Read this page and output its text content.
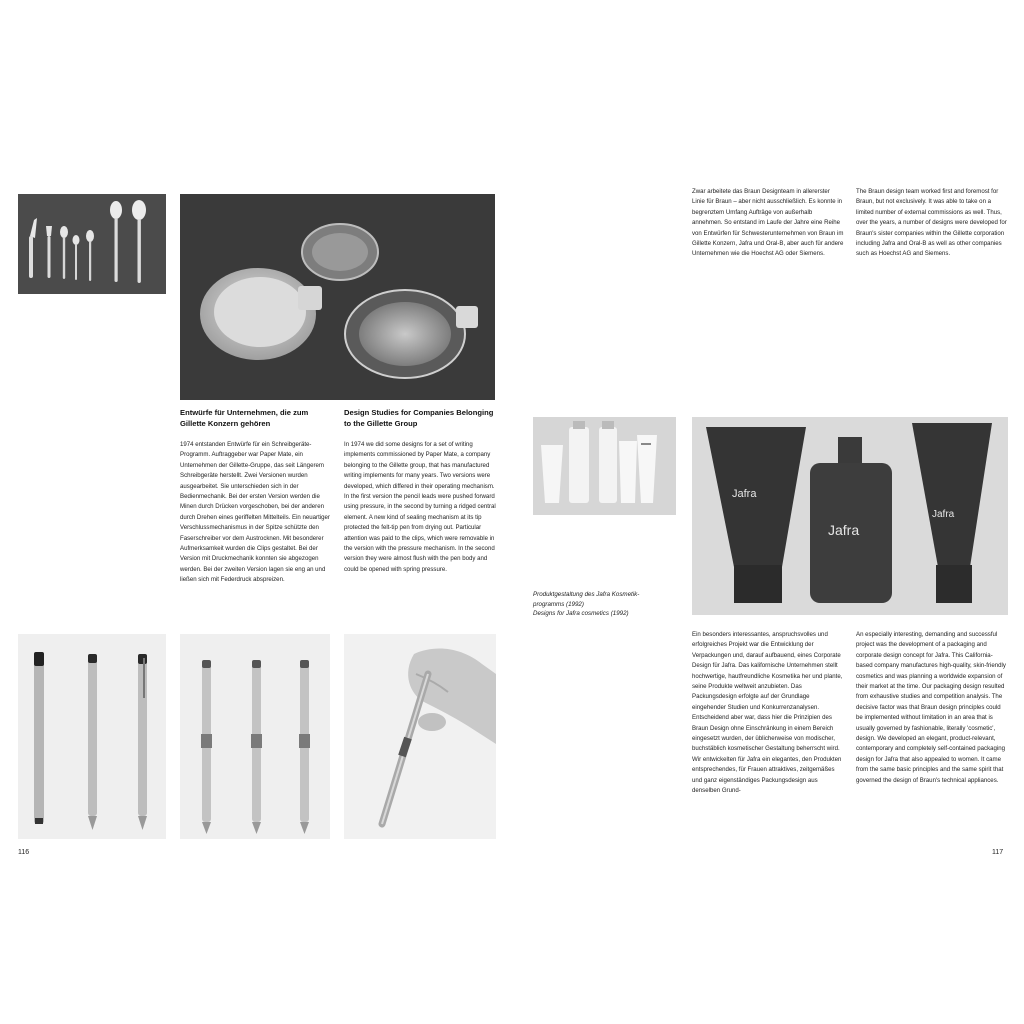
Entwürfe für Unternehmen, die zum Gillette Konzern gehören
Design Studies for Companies Belonging to the Gillette Group
1974 entstanden Entwürfe für ein Schreibgeräte-Programm. Auftraggeber war Paper Mate, ein Unternehmen der Gillette-Gruppe, das seit Längerem Schreibgeräte herstellt. Zwei Versionen wurden ausgearbeitet. Sie unterschieden sich in der Bedienmechanik. Bei der ersten Version werden die Minen durch Drücken vorgeschoben, bei der anderen durch Drehen eines geriffelten Mittelteils. Ein neuartiger Verschlussmechanismus in der Spitze schützte den Faserschreiber vor dem Austrocknen. Mit besonderer Aufmerksamkeit wurden die Clips gestaltet. Bei der Version mit Druckmechanik konnten sie abgezogen werden. Bei der zweiten Version lagen sie eng an und ließen sich mit Federdruck abspreizen.
In 1974 we did some designs for a set of writing implements commissioned by Paper Mate, a company belonging to the Gillette group, that has manufactured writing implements for many years. Two versions were developed, which differed in their operating mechanism. In the first version the pencil leads were pushed forward using pressure, in the second by turning a ridged central element. A new kind of sealing mechanism at its tip protected the felt-tip pen from drying out. Particular attention was paid to the clips, which were removable in the version with the pressure mechanism. In the second version they were almost flush with the pen body and could be opened with spring pressure.
116
Zwar arbeitete das Braun Designteam in allererster Linie für Braun – aber nicht ausschließlich. Es konnte in begrenztem Umfang Aufträge von außerhalb annehmen. So entstand im Laufe der Jahre eine Reihe von Entwürfen für Schwesterunternehmen von Braun im Gillette Konzern, Jafra und Oral-B, aber auch für andere Unternehmen wie die Hoechst AG oder Siemens.
The Braun design team worked first and foremost for Braun, but not exclusively. It was able to take on a limited number of external commissions as well. Thus, over the years, a number of designs were developed for Braun's sister companies within the Gillette corporation including Jafra and Oral-B as well as other companies such as Hoechst AG and Siemens.
Produktgestaltung des Jafra Kosmetik-
programms (1992)
Designs for Jafra cosmetics (1992)
Jafra
Jafra
Jafra
Ein besonders interessantes, anspruchsvolles und erfolgreiches Projekt war die Entwicklung der Verpackungen und, darauf aufbauend, eines Corporate Design für Jafra. Das kalifornische Unternehmen stellt hochwertige, hautfreundliche Kosmetika her und plante, seine Produkte weltweit anzubieten. Das Packungsdesign erfolgte auf der Grundlage eingehender Studien und Konkurrenzanalysen. Entscheidend aber war, dass hier die Prinzipien des Braun Design ohne Einschränkung in einem Bereich eingesetzt wurden, der üblicherweise von modischer, buchstäblich kosmetischer Gestaltung beherrscht wird. Wir entwickelten für Jafra ein elegantes, den Produkten entsprechendes, für Frauen attraktives, zeitgemäßes und ganz eigenständiges Packungsdesign aus denselben Grund-
An especially interesting, demanding and successful project was the development of a packaging and corporate design concept for Jafra. This California-based company manufactures high-quality, skin-friendly cosmetics and was planning a worldwide expansion of their market at the time. Our packaging design resulted from exhaustive studies and competition analysis. The decisive factor was that Braun design principles could be implemented without limitation in an area that is usually governed by fashionable, literally 'cosmetic', design. We developed an elegant, product-relevant, contemporary and completely self-contained packaging design for Jafra that also appealed to women. It came from the same basic principles and the same spirit that governed the design of Braun's technical appliances.
117
